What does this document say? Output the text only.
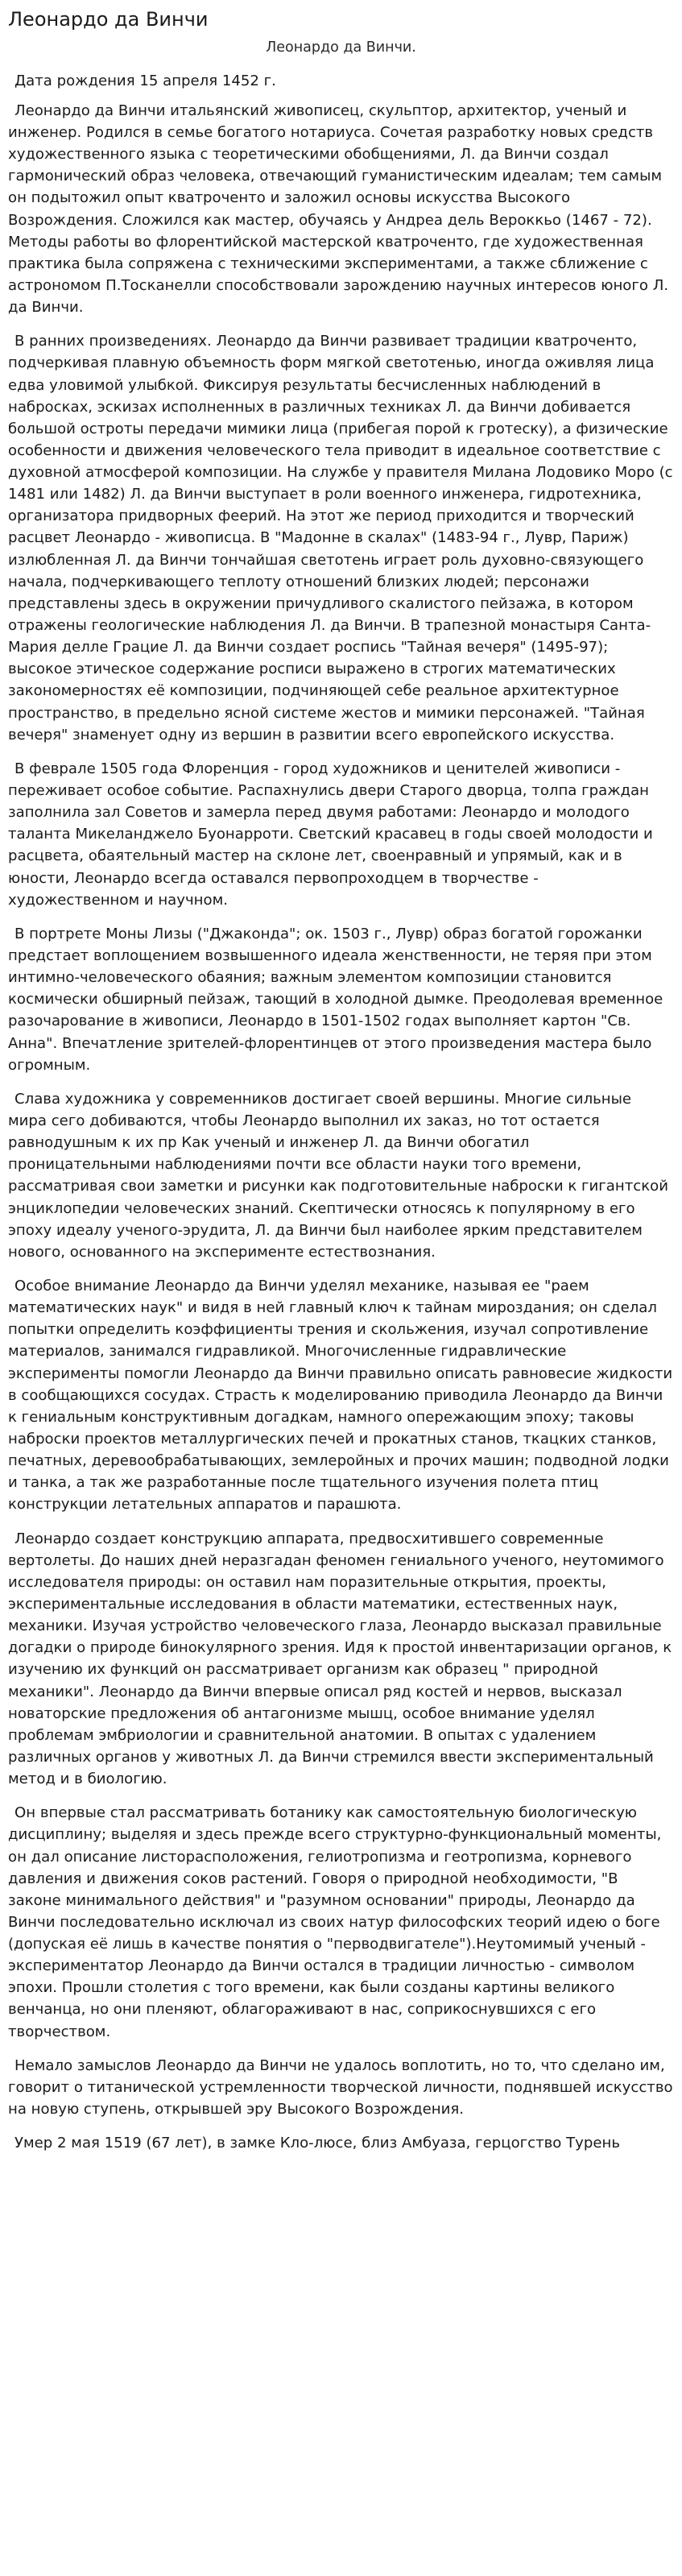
Леонардо да Винчи
Леонардо да Винчи.

Дата рождения 15 апреля 1452 г.

Леонардо да Винчи итальянский живописец, скульптор, архитектор, ученый и инженер. Родился в семье богатого нотариуса. Сочетая разработку новых средств художественного языка с теоретическими обобщениями, Л. да Винчи создал гармонический образ человека, отвечающий гуманистическим идеалам; тем самым он подытожил опыт кватроченто и заложил основы искусства Высокого Возрождения. Сложился как мастер, обучаясь у Андреа дель Вероккьо (1467 - 72). Методы работы во флорентийской мастерской кватроченто, где художественная практика была сопряжена с техническими экспериментами, а также сближение с астрономом П.Тосканелли способствовали зарождению научных интересов юного Л. да Винчи.

В ранних произведениях. Леонардо да Винчи развивает традиции кватроченто, подчеркивая плавную объемность форм мягкой светотенью, иногда оживляя лица едва уловимой улыбкой. Фиксируя результаты бесчисленных наблюдений в набросках, эскизах исполненных в различных техниках Л. да Винчи добивается большой остроты передачи мимики лица (прибегая порой к гротеску), а физические особенности и движения человеческого тела приводит в идеальное соответствие с духовной атмосферой композиции. На службе у правителя Милана Лодовико Моро (с 1481 или 1482) Л. да Винчи выступает в роли военного инженера, гидротехника, организатора придворных феерий. На этот же период приходится и творческий расцвет Леонардо - живописца. В "Мадонне в скалах" (1483-94 г., Лувр, Париж) излюбленная Л. да Винчи тончайшая светотень играет роль духовно-связующего начала, подчеркивающего теплоту отношений близких людей; персонажи представлены здесь в окружении причудливого скалистого пейзажа, в котором отражены геологические наблюдения Л. да Винчи. В трапезной монастыря Санта-Мария делле Грацие Л. да Винчи создает роспись "Тайная вечеря" (1495-97); высокое этическое содержание росписи выражено в строгих математических закономерностях её композиции, подчиняющей себе реальное архитектурное пространство, в предельно ясной системе жестов и мимики персонажей. "Тайная вечеря" знаменует одну из вершин в развитии всего европейского искусства.

В феврале 1505 года Флоренция - город художников и ценителей живописи - переживает особое событие. Распахнулись двери Старого дворца, толпа граждан заполнила зал Советов и замерла перед двумя работами: Леонардо и молодого таланта Микеланджело Буонарроти. Светский красавец в годы своей молодости и расцвета, обаятельный мастер на склоне лет, своенравный и упрямый, как и в юности, Леонардо всегда оставался первопроходцем в творчестве - художественном и научном.

В портрете Моны Лизы ("Джаконда"; ок. 1503 г., Лувр) образ богатой горожанки предстает воплощением возвышенного идеала женственности, не теряя при этом интимно-человеческого обаяния; важным элементом композиции становится космически обширный пейзаж, тающий в холодной дымке. Преодолевая временное разочарование в живописи, Леонардо в 1501-1502 годах выполняет картон "Св. Анна". Впечатление зрителей-флорентинцев от этого произведения мастера было огромным.

Слава художника у современников достигает своей вершины. Многие сильные мира сего добиваются, чтобы Леонардо выполнил их заказ, но тот остается равнодушным к их пр Как ученый и инженер Л. да Винчи обогатил проницательными наблюдениями почти все области науки того времени, рассматривая свои заметки и рисунки как подготовительные наброски к гигантской энциклопедии человеческих знаний. Скептически относясь к популярному в его эпоху идеалу ученого-эрудита, Л. да Винчи был наиболее ярким представителем нового, основанного на эксперименте естествознания.

Особое внимание Леонардо да Винчи уделял механике, называя ее "раем математических наук" и видя в ней главный ключ к тайнам мироздания; он сделал попытки определить коэффициенты трения и скольжения, изучал сопротивление материалов, занимался гидравликой. Многочисленные гидравлические эксперименты помогли Леонардо да Винчи правильно описать равновесие жидкости в сообщающихся сосудах. Страсть к моделированию приводила Леонардо да Винчи к гениальным конструктивным догадкам, намного опережающим эпоху; таковы наброски проектов металлургических печей и прокатных станов, ткацких станков, печатных, деревообрабатывающих, землеройных и прочих машин; подводной лодки и танка, а так же разработанные после тщательного изучения полета птиц конструкции летательных аппаратов и парашюта.

Леонардо создает конструкцию аппарата, предвосхитившего современные вертолеты. До наших дней неразгадан феномен гениального ученого, неутомимого исследователя природы: он оставил нам поразительные открытия, проекты, экспериментальные исследования в области математики, естественных наук, механики. Изучая устройство человеческого глаза, Леонардо высказал правильные догадки о природе бинокулярного зрения. Идя к простой инвентаризации органов, к изучению их функций он рассматривает организм как образец " природной механики". Леонардо да Винчи впервые описал ряд костей и нервов, высказал новаторские предложения об антагонизме мышц, особое внимание уделял проблемам эмбриологии и сравнительной анатомии. В опытах с удалением различных органов у животных Л. да Винчи стремился ввести экспериментальный метод и в биологию.

Он впервые стал рассматривать ботанику как самостоятельную биологическую дисциплину; выделяя и здесь прежде всего структурно-функциональный моменты, он дал описание листорасположения, гелиотропизма и геотропизма, корневого давления и движения соков растений. Говоря о природной необходимости, "В законе минимального действия" и "разумном основании" природы, Леонардо да Винчи последовательно исключал из своих натур философских теорий идею о боге (допуская её лишь в качестве понятия о "перводвигателе").Неутомимый ученый - экспериментатор Леонардо да Винчи остался в традиции личностью - символом эпохи. Прошли столетия с того времени, как были созданы картины великого венчанца, но они пленяют, облагораживают в нас, соприкоснувшихся с его творчеством.

Немало замыслов Леонардо да Винчи не удалось воплотить, но то, что сделано им, говорит о титанической устремленности творческой личности, поднявшей искусство на новую ступень, открывшей эру Высокого Возрождения.

Умер 2 мая 1519 (67 лет), в замке Кло-люсе, близ Амбуаза, герцогство Турень
